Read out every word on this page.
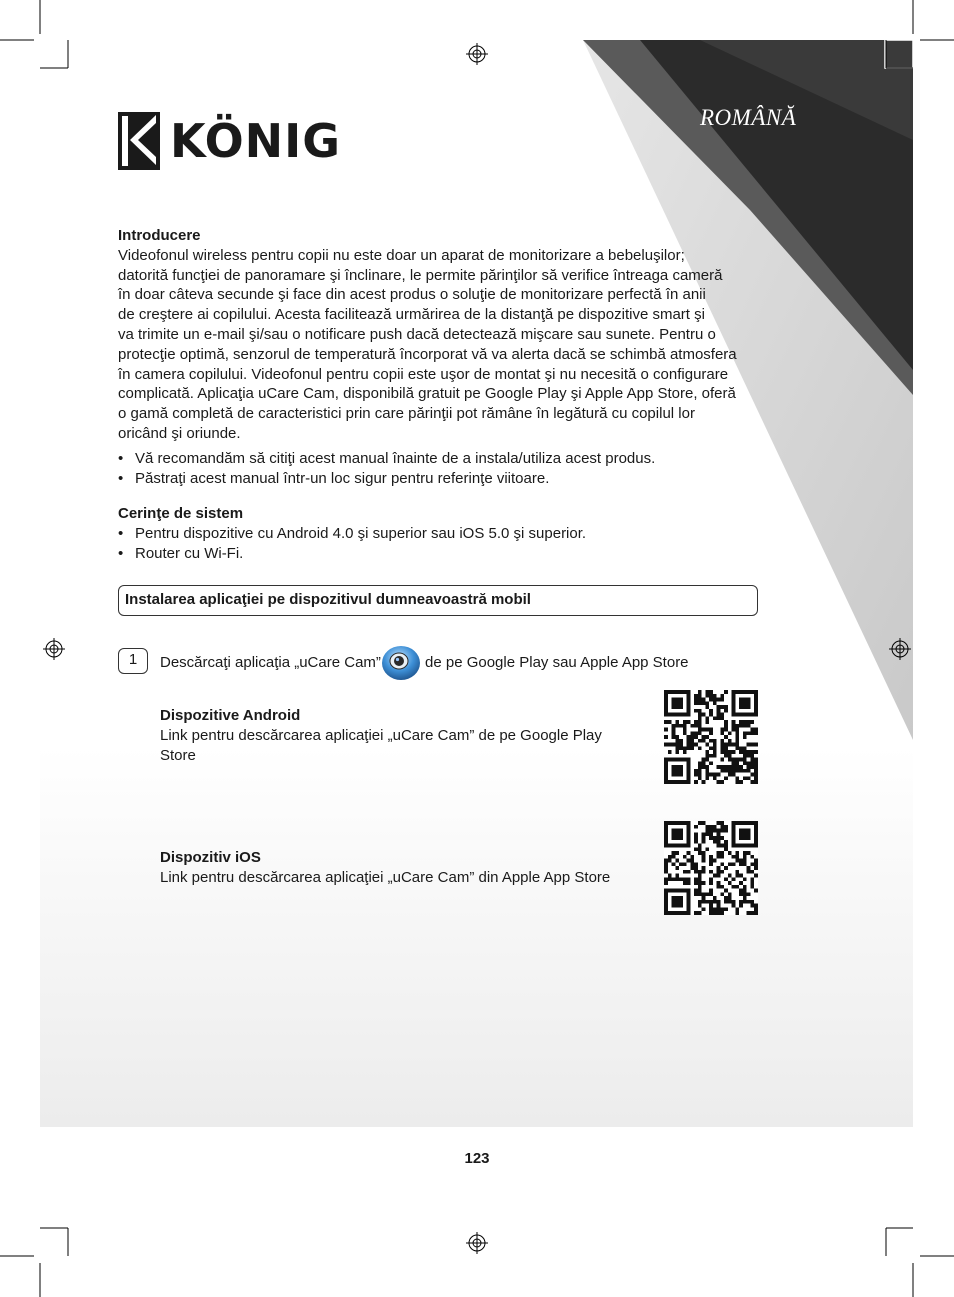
KÖNIG	ROMÂNĂ

Introducere

Videofonul wireless pentru copii nu este doar un aparat de monitorizare a bebeluşilor;

datorită funcţiei de panoramare şi înclinare, le permite părinţilor să verifice întreaga cameră

în doar câteva secunde şi face din acest produs o soluţie de monitorizare perfectă în anii

de creştere ai copilului. Acesta facilitează urmărirea de la distanţă pe dispozitive smart şi

va trimite un e-mail şi/sau o notificare push dacă detectează mişcare sau sunete. Pentru o

protecţie optimă, senzorul de temperatură încorporat vă va alerta dacă se schimbă atmosfera

în camera copilului. Videofonul pentru copii este uşor de montat şi nu necesită o configurare

complicată. Aplicaţia uCare Cam, disponibilă gratuit pe Google Play şi Apple App Store, oferă

o gamă completă de caracteristici prin care părinţii pot rămâne în legătură cu copilul lor

oricând şi oriunde.

• Vă recomandăm să citiţi acest manual înainte de a instala/utiliza acest produs.
• Păstraţi acest manual într-un loc sigur pentru referinţe viitoare.

Cerinţe de sistem

• Pentru dispozitive cu Android 4.0 şi superior sau iOS 5.0 şi superior.
• Router cu Wi-Fi.
Instalarea aplicaţiei pe dispozitivul dumneavoastră mobil
1	Descărcaţi aplicaţia „uCare Cam”	de pe Google Play sau Apple App Store
Dispozitive Android
Link pentru descărcarea aplicaţiei „uCare Cam” de pe Google Play Store
Dispozitiv iOS
Link pentru descărcarea aplicaţiei „uCare Cam” din Apple App Store
123
